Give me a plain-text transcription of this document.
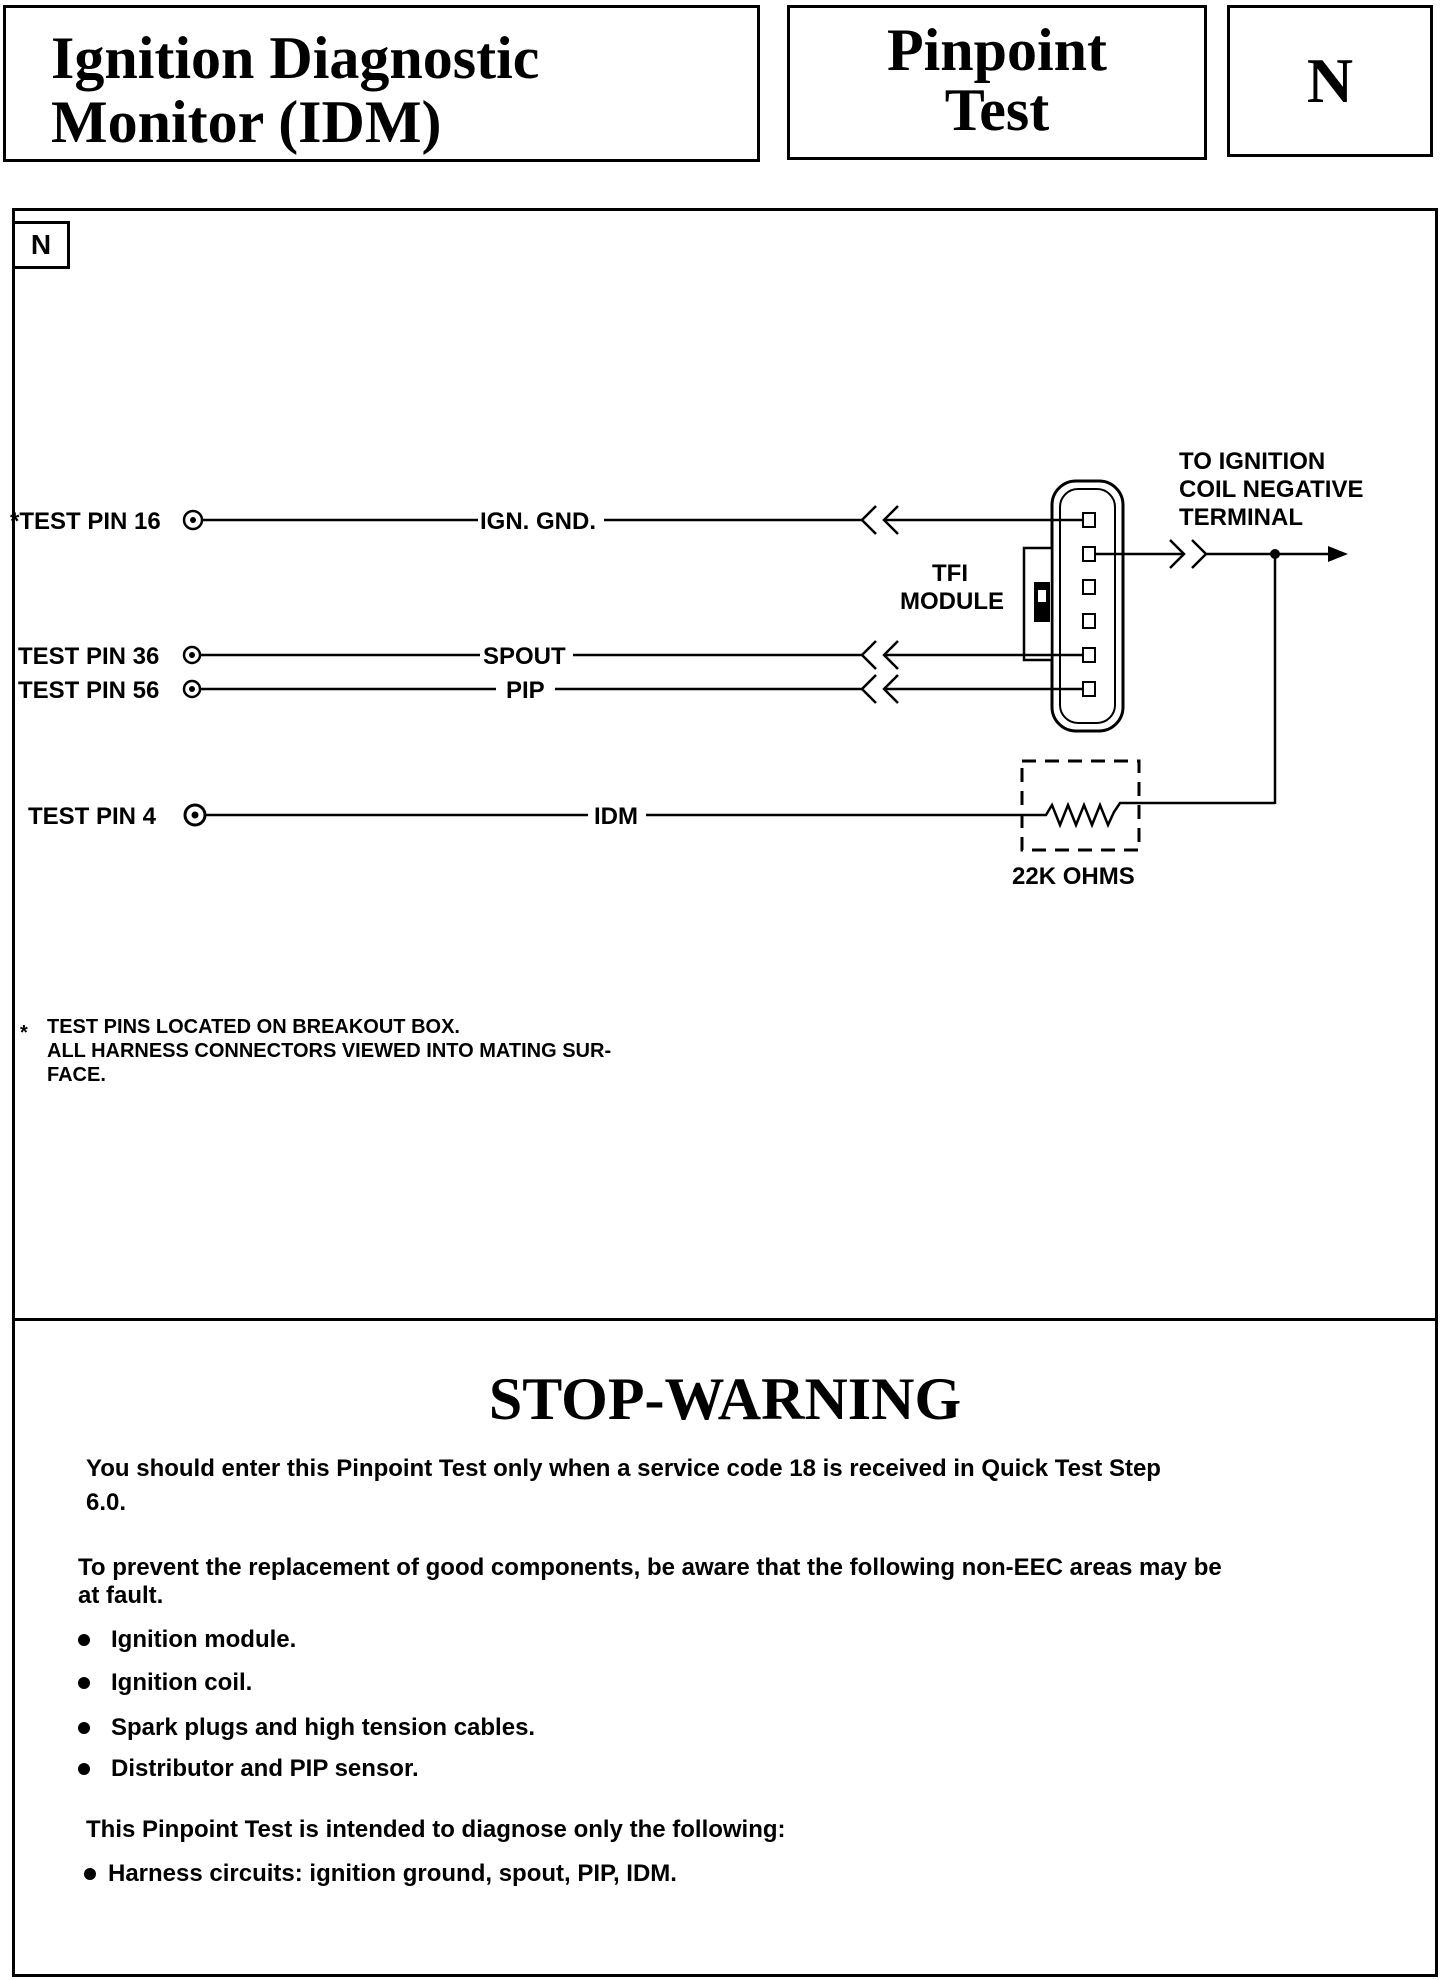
Ignition Diagnostic
Monitor (IDM)
Pinpoint
Test	N
N
*TEST PIN 16	IGN. GND.
TEST PIN 36	SPOUT
TEST PIN 56	PIP
TFI
MODULE
TO IGNITION
COIL NEGATIVE
TERMINAL
TEST PIN 4	IDM
22K OHMS
* TEST PINS LOCATED ON BREAKOUT BOX.
ALL HARNESS CONNECTORS VIEWED INTO MATING SUR-
FACE.
STOP-WARNING
You should enter this Pinpoint Test only when a service code 18 is received in Quick Test Step
6.0.
To prevent the replacement of good components, be aware that the following non-EEC areas may be
at fault.
Ignition module.
Ignition coil.
Spark plugs and high tension cables.
Distributor and PIP sensor.
This Pinpoint Test is intended to diagnose only the following:
Harness circuits: ignition ground, spout, PIP, IDM.
